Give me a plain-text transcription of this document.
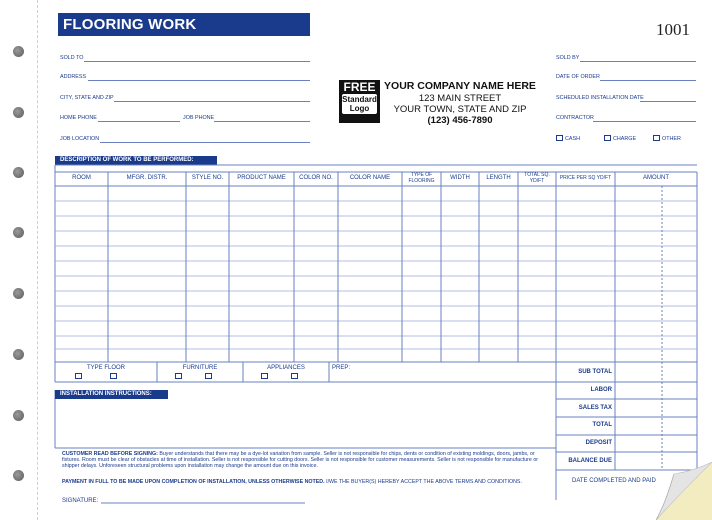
FLOORING WORK ORDER/INVOICE
1001
SOLD TO
ADDRESS
CITY, STATE AND ZIP
HOME PHONE	JOB PHONE
JOB LOCATION
FREE
Standard
Logo
YOUR COMPANY NAME HERE
123 MAIN STREET
YOUR TOWN, STATE AND ZIP
(123) 456-7890
SOLD BY
DATE OF ORDER
SCHEDULED INSTALLATION DATE
CONTRACTOR
CASH	CHARGE	OTHER
DESCRIPTION OF WORK TO BE PERFORMED:
ROOM	MFGR. DISTR.	STYLE NO.	PRODUCT NAME	COLOR NO.	COLOR NAME	TYPE OF FLOORING	WIDTH	LENGTH	TOTAL SQ. YD/FT	PRICE PER SQ YD/FT	AMOUNT
TYPE FLOOR	FURNITURE	APPLIANCES	PREP:
INSTALLATION INSTRUCTIONS:
SUB TOTAL
LABOR
SALES TAX
TOTAL
DEPOSIT
BALANCE DUE
DATE COMPLETED AND PAID
CUSTOMER READ BEFORE SIGNING: Buyer understands that there may be a dye-lot variation from sample. Seller is not responsible for chips, dents or condition of existing moldings, doors, jambs, or fixtures. Room must be clear of obstacles at time of installation. Seller is not responsible for cutting doors. Seller is not responsible for customer measurements. Seller is not responsible for manufacture or shipper delays. Unforeseen structural problems upon installation may change the amount due on this invoice.
PAYMENT IN FULL TO BE MADE UPON COMPLETION OF INSTALLATION, UNLESS OTHERWISE NOTED. I/WE THE BUYER(S) HEREBY ACCEPT THE ABOVE TERMS AND CONDITIONS.
SIGNATURE:
